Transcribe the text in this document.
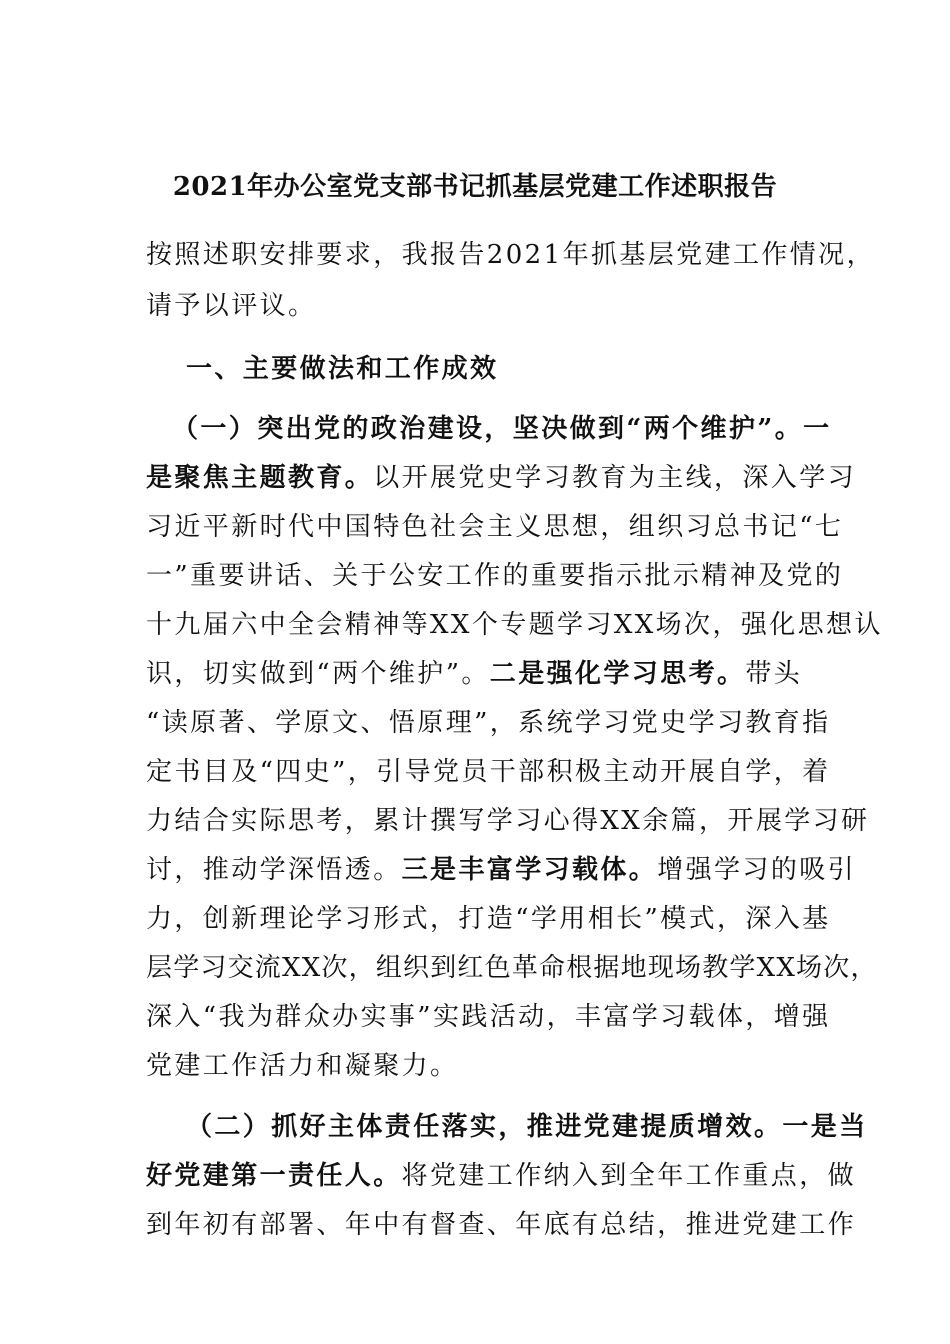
2021年办公室党支部书记抓基层党建工作述职报告
按照述职安排要求，我报告2021年抓基层党建工作情况，
请予以评议。
一、主要做法和工作成效
（一）突出党的政治建设，坚决做到“两个维护”。一
是聚焦主题教育。以开展党史学习教育为主线，深入学习
习近平新时代中国特色社会主义思想，组织习总书记“七
一”重要讲话、关于公安工作的重要指示批示精神及党的
十九届六中全会精神等XX个专题学习XX场次，强化思想认
识，切实做到“两个维护”。二是强化学习思考。带头
“读原著、学原文、悟原理”，系统学习党史学习教育指
定书目及“四史”，引导党员干部积极主动开展自学，着
力结合实际思考，累计撰写学习心得XX余篇，开展学习研
讨，推动学深悟透。三是丰富学习载体。增强学习的吸引
力，创新理论学习形式，打造“学用相长”模式，深入基
层学习交流XX次，组织到红色革命根据地现场教学XX场次，
深入“我为群众办实事”实践活动，丰富学习载体，增强
党建工作活力和凝聚力。
（二）抓好主体责任落实，推进党建提质增效。一是当
好党建第一责任人。将党建工作纳入到全年工作重点，做
到年初有部署、年中有督查、年底有总结，推进党建工作
